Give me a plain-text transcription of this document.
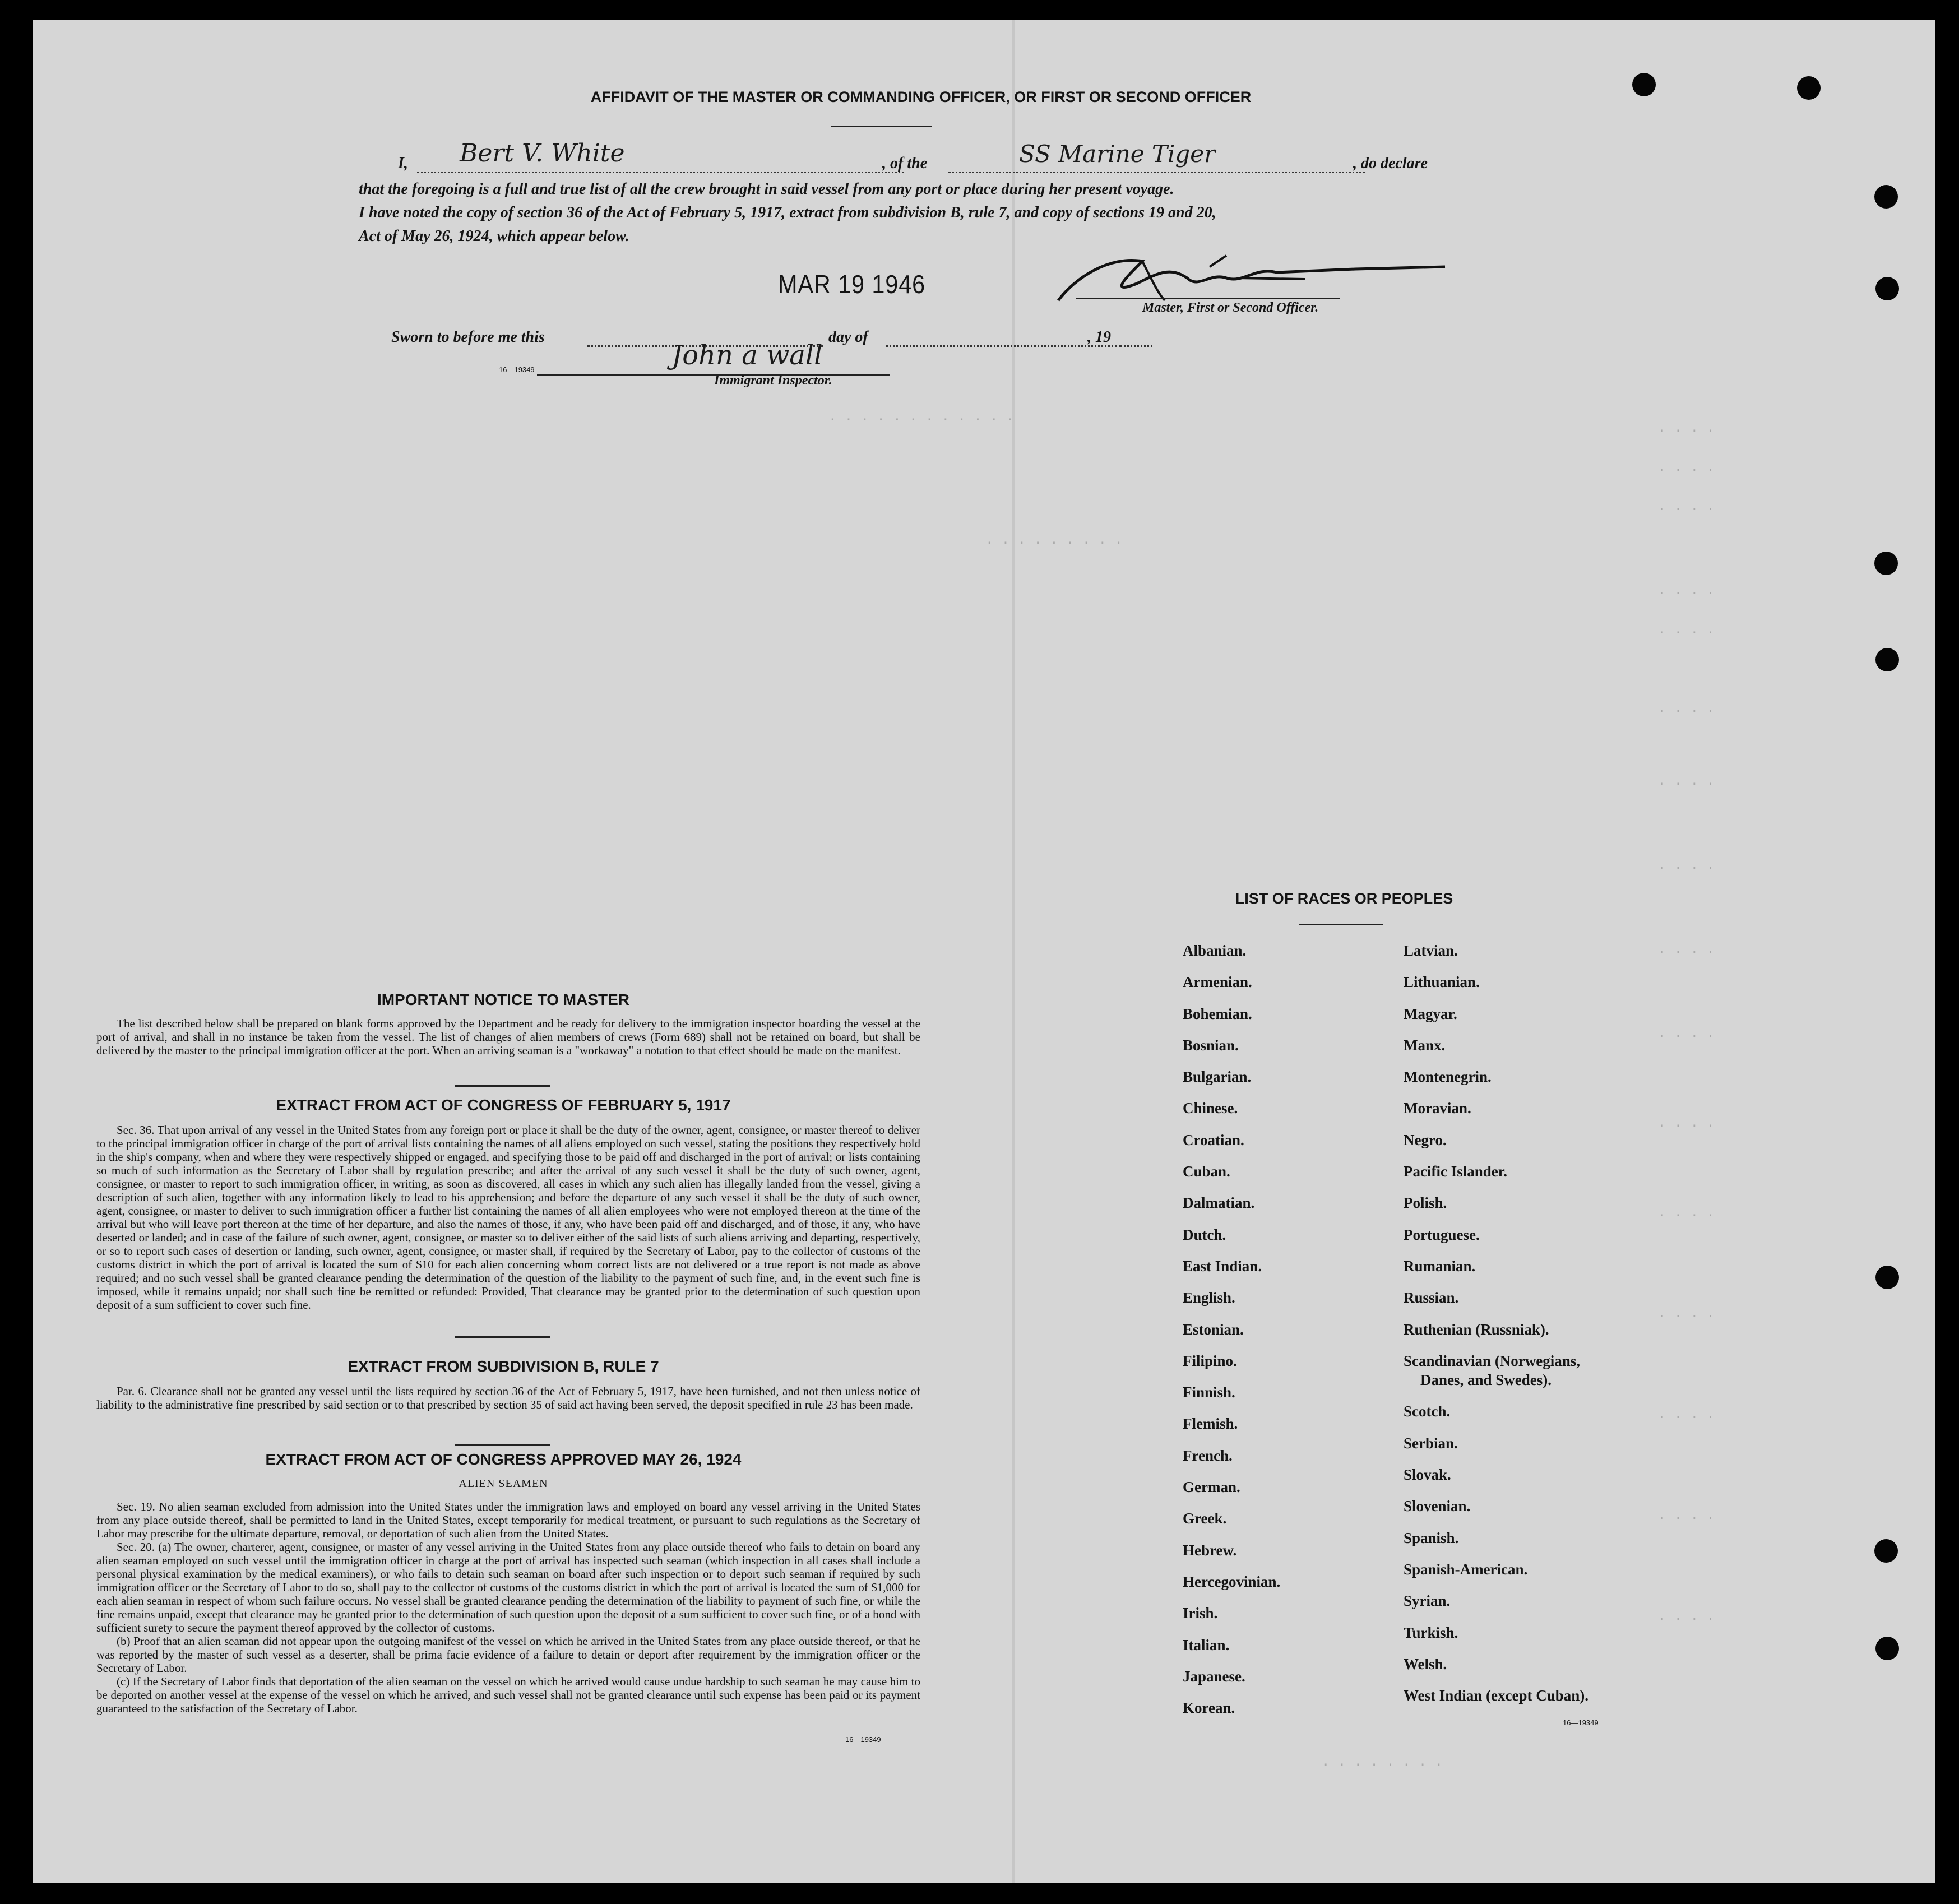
· · · · · · · · · · · ·
· · · · · · · · ·
· · · ·
· · · ·
· · · ·
· · · ·
· · · ·
· · · ·
· · · ·
· · · ·
· · · ·
· · · ·
· · · ·
· · · ·
· · · ·
· · · ·
· · · ·
· · · ·
· · · · · · · ·
AFFIDAVIT OF THE MASTER OR COMMANDING OFFICER, OR FIRST OR SECOND OFFICER
I, Bert V. White	, of the	SS Marine Tiger	, do declare
that the foregoing is a full and true list of all the crew brought in said vessel from any port or place during her present voyage.
I have noted the copy of section 36 of the Act of February 5, 1917, extract from subdivision B, rule 7, and copy of sections 19 and 20,
Act of May 26, 1924, which appear below.
MAR 19 1946
Master, First or Second Officer.
Sworn to before me this	day of	, 19
16—19349	John a wall
Immigrant Inspector.
IMPORTANT NOTICE TO MASTER

The list described below shall be prepared on blank forms approved by the Department and be ready for delivery to the immigration inspector boarding the vessel at the port of arrival, and shall in no instance be taken from the vessel. The list of changes of alien members of crews (Form 689) shall not be retained on board, but shall be delivered by the master to the principal immigration officer at the port. When an arriving seaman is a "workaway" a notation to that effect should be made on the manifest.

EXTRACT FROM ACT OF CONGRESS OF FEBRUARY 5, 1917

Sec. 36. That upon arrival of any vessel in the United States from any foreign port or place it shall be the duty of the owner, agent, consignee, or master thereof to deliver to the principal immigration officer in charge of the port of arrival lists containing the names of all aliens employed on such vessel, stating the positions they respectively hold in the ship's company, when and where they were respectively shipped or engaged, and specifying those to be paid off and discharged in the port of arrival; or lists containing so much of such information as the Secretary of Labor shall by regulation prescribe; and after the arrival of any such vessel it shall be the duty of such owner, agent, consignee, or master to report to such immigration officer, in writing, as soon as discovered, all cases in which any such alien has illegally landed from the vessel, giving a description of such alien, together with any information likely to lead to his apprehension; and before the departure of any such vessel it shall be the duty of such owner, agent, consignee, or master to deliver to such immigration officer a further list containing the names of all alien employees who were not employed thereon at the time of the arrival but who will leave port thereon at the time of her departure, and also the names of those, if any, who have been paid off and discharged, and of those, if any, who have deserted or landed; and in case of the failure of such owner, agent, consignee, or master so to deliver either of the said lists of such aliens arriving and departing, respectively, or so to report such cases of desertion or landing, such owner, agent, consignee, or master shall, if required by the Secretary of Labor, pay to the collector of customs of the customs district in which the port of arrival is located the sum of $10 for each alien concerning whom correct lists are not delivered or a true report is not made as above required; and no such vessel shall be granted clearance pending the determination of the question of the liability to the payment of such fine, and, in the event such fine is imposed, while it remains unpaid; nor shall such fine be remitted or refunded: Provided, That clearance may be granted prior to the determination of such question upon deposit of a sum sufficient to cover such fine.

EXTRACT FROM SUBDIVISION B, RULE 7

Par. 6. Clearance shall not be granted any vessel until the lists required by section 36 of the Act of February 5, 1917, have been furnished, and not then unless notice of liability to the administrative fine prescribed by said section or to that prescribed by section 35 of said act having been served, the deposit specified in rule 23 has been made.

EXTRACT FROM ACT OF CONGRESS APPROVED MAY 26, 1924
ALIEN SEAMEN

Sec. 19. No alien seaman excluded from admission into the United States under the immigration laws and employed on board any vessel arriving in the United States from any place outside thereof, shall be permitted to land in the United States, except temporarily for medical treatment, or pursuant to such regulations as the Secretary of Labor may prescribe for the ultimate departure, removal, or deportation of such alien from the United States.

Sec. 20. (a) The owner, charterer, agent, consignee, or master of any vessel arriving in the United States from any place outside thereof who fails to detain on board any alien seaman employed on such vessel until the immigration officer in charge at the port of arrival has inspected such seaman (which inspection in all cases shall include a personal physical examination by the medical examiners), or who fails to detain such seaman on board after such inspection or to deport such seaman if required by such immigration officer or the Secretary of Labor to do so, shall pay to the collector of customs of the customs district in which the port of arrival is located the sum of $1,000 for each alien seaman in respect of whom such failure occurs. No vessel shall be granted clearance pending the determination of the liability to payment of such fine, or while the fine remains unpaid, except that clearance may be granted prior to the determination of such question upon the deposit of a sum sufficient to cover such fine, or of a bond with sufficient surety to secure the payment thereof approved by the collector of customs.

(b) Proof that an alien seaman did not appear upon the outgoing manifest of the vessel on which he arrived in the United States from any place outside thereof, or that he was reported by the master of such vessel as a deserter, shall be prima facie evidence of a failure to detain or deport after requirement by the immigration officer or the Secretary of Labor.

(c) If the Secretary of Labor finds that deportation of the alien seaman on the vessel on which he arrived would cause undue hardship to such seaman he may cause him to be deported on another vessel at the expense of the vessel on which he arrived, and such vessel shall not be granted clearance until such expense has been paid or its payment guaranteed to the satisfaction of the Secretary of Labor.

16—19349
LIST OF RACES OR PEOPLES
Albanian.
Armenian.
Bohemian.
Bosnian.
Bulgarian.
Chinese.
Croatian.
Cuban.
Dalmatian.
Dutch.
East Indian.
English.
Estonian.
Filipino.
Finnish.
Flemish.
French.
German.
Greek.
Hebrew.
Hercegovinian.
Irish.
Italian.
Japanese.
Korean.
Latvian.
Lithuanian.
Magyar.
Manx.
Montenegrin.
Moravian.
Negro.
Pacific Islander.
Polish.
Portuguese.
Rumanian.
Russian.
Ruthenian (Russniak).
Scandinavian (Norwegians,
Danes, and Swedes).
Scotch.
Serbian.
Slovak.
Slovenian.
Spanish.
Spanish-American.
Syrian.
Turkish.
Welsh.
West Indian (except Cuban).
16—19349
